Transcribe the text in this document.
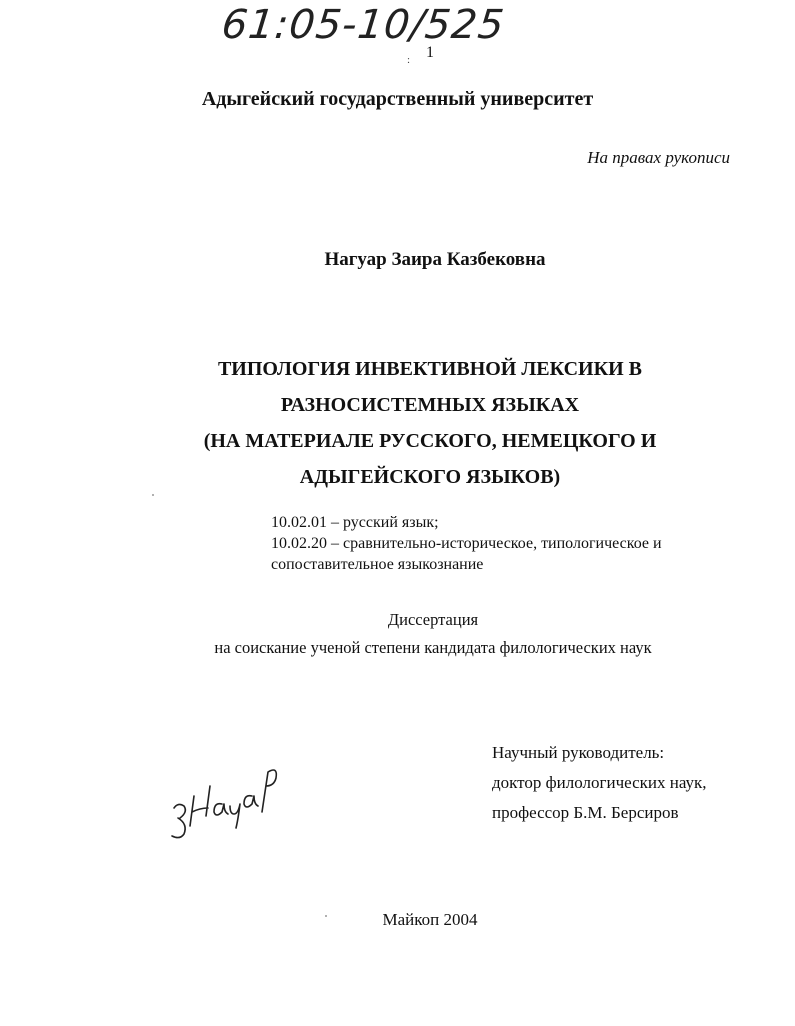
61:05-10/525
: 1
Адыгейский государственный университет
На правах рукописи
Нагуар Заира Казбековна
ТИПОЛОГИЯ ИНВЕКТИВНОЙ ЛЕКСИКИ В
РАЗНОСИСТЕМНЫХ ЯЗЫКАХ
(НА МАТЕРИАЛЕ РУССКОГО, НЕМЕЦКОГО И
АДЫГЕЙСКОГО ЯЗЫКОВ)
10.02.01 – русский язык;
10.02.20 – сравнительно-историческое, типологическое и
сопоставительное языкознание
Диссертация
на соискание ученой степени кандидата филологических наук
Научный руководитель:
доктор филологических наук,
профессор Б.М. Берсиров
Майкоп 2004
